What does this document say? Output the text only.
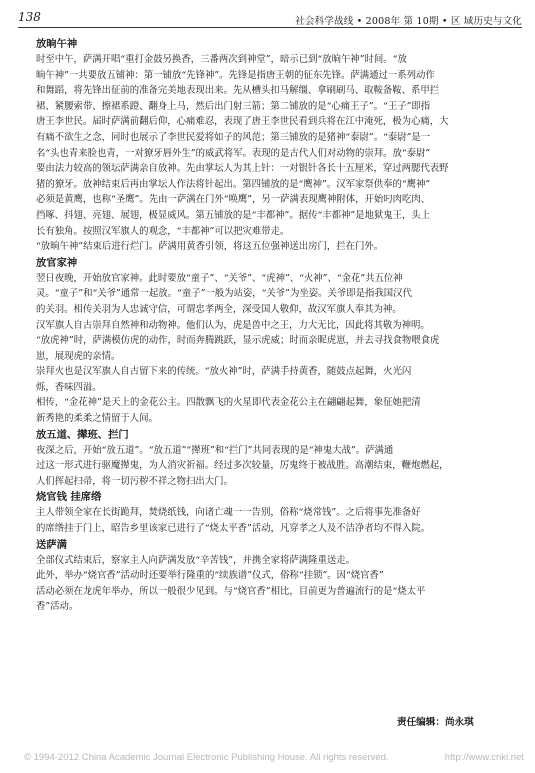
138	社会科学战线 • 2008年 第 10期 • 区 域历史与文化
放晌午神
时至中午，萨满开唱“重打金鼓另换香，三番两次到神堂”，暗示已到“放晌午神”时间。“放
晌午神”一共要放五铺神：第一铺放“先锋神”。先锋是指唐王朝的征东先锋。萨满通过一系列动作
和舞蹈，将先锋出征前的准备完美地表现出来。先从槽头扣马解缰、拿刷刷马、取鞍备鞍、系甲拦
裙、紧腰索带、擦裙系蹬、翻身上马，然后出门射三箭；第二铺放的是“心痛王子”。“王子”即指
唐王李世民。届时萨满前翻后仰，心痛难忍，表现了唐王李世民看到兵将在江中淹死，极为心痛，大
有痛不欲生之念，同时也展示了李世民爱将如子的风范；第三铺放的是猪神“泰尉”。“泰尉”是一
名“头也青来脸也青，一对獠牙唇外生”的威武将军。表现的是古代人们对动物的崇拜。放“泰尉”
要由法力较高的领坛萨满亲自放神。先由掌坛人为其上针：一对银针各长十五厘米，穿过两腮代表野
猪的獠牙。放神结束后再由掌坛人作法将针起出。第四铺放的是“鹰神”。汉军家祭供奉的“鹰神”
必须是黄鹰，也称“圣鹰”。先由一萨满在门外“唤鹰”，另一萨满表现鹰神附体，开始叼肉吃肉、
挡啄、抖翅、亮翅、展翅，极显威风。第五铺放的是“丰都神”。据传“丰都神”是地狱鬼王，头上
长有独角。按照汉军旗人的观念，“丰都神”可以把灾难带走。
“放晌午神”结束后进行烂门。萨满用黄香引领，将这五位强神送出房门，拦在门外。
放官家神
翌日夜晚，开始放官家神。此时要放“童子”、“关爷”、“虎神”、“火神”、“金花”共五位神
灵。“童子”和“关爷”通常一起放。“童子”一般为站姿，“关爷”为坐姿。关爷即是指我国汉代
的关羽。相传关羽为人忠诚守信，可谓忠孝两全，深受国人敬仰，故汉军旗人奉其为神。
汉军旗人自古崇拜自然神和动物神。他们认为，虎是兽中之王，力大无比，因此将其敬为神明。
“放虎神”时，萨满模仿虎的动作，时而奔腾跳跃，显示虎威；时而亲昵虎崽，并去寻找食物喂食虎
崽，展现虎的亲情。
崇拜火也是汉军旗人自古留下来的传统。“放火神”时，萨满手持黄香，随鼓点起舞，火光闪
烁，香味四溢。
相传，“金花神”是天上的金花公主。四散飘飞的火星即代表金花公主在翩翩起舞，象征她把清
新秀艳的柔柔之情留于人间。
放五道、撵班、拦门
夜深之后，开始“放五道”。“放五道”“撵班”和“拦门”共同表现的是“神鬼大战”。萨满通
过这一形式进行驱魔撵鬼，为人消灾祈福。经过多次较量，厉鬼终于被战胜。高潮结束，鞭炮燃起，
人们挥起扫帚，将一切污秽不祥之物扫出大门。
烧官钱 挂席绺
主人带领全家在长街跪拜，焚烧纸钱，向诸亡魂一一告别，俗称“烧常钱”。之后将事先准备好
的席绺挂于门上，昭告乡里该家已进行了“烧太平香”活动，凡穿孝之人及不洁净者均不得入院。
送萨满
全部仪式结束后，察家主人向萨满发放“辛苦钱”，并携全家将萨满隆重送走。
此外，举办“烧官香”活动时还要举行隆重的“续族谱”仪式，俗称“挂锁”。因“烧官香”
活动必须在龙虎年举办，所以一般很少见到。与“烧官香”相比，目前更为普遍流行的是“烧太平
香”活动。
责任编辑：尚永琪
© 1994-2012 China Academic Journal Electronic Publishing House. All rights reserved.	http://www.cnki.net
